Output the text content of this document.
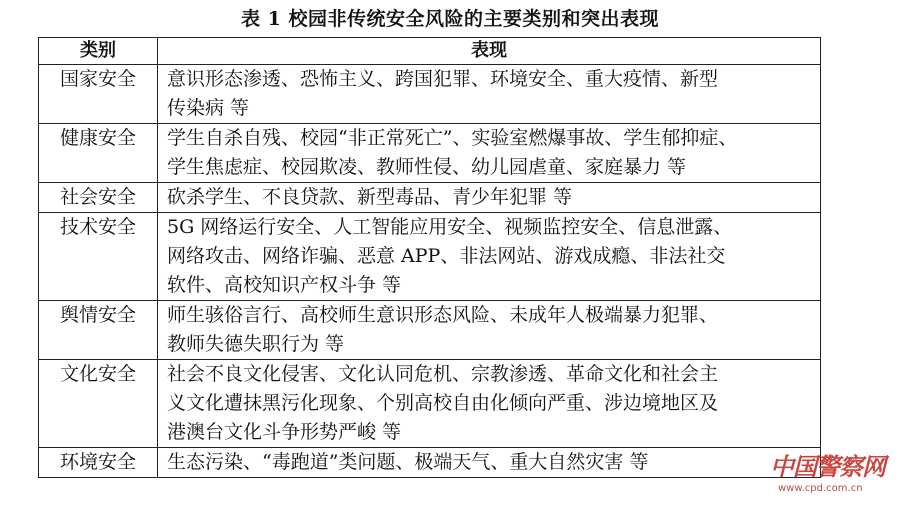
表 1 校园非传统安全风险的主要类别和突出表现
类别	表现
国家安全	意识形态渗透、恐怖主义、跨国犯罪、环境安全、重大疫情、新型
传染病 等

健康安全	学生自杀自残、校园“非正常死亡”、实验室燃爆事故、学生郁抑症、
学生焦虑症、校园欺凌、教师性侵、幼儿园虐童、家庭暴力 等

社会安全	砍杀学生、不良贷款、新型毒品、青少年犯罪 等

技术安全	5G 网络运行安全、人工智能应用安全、视频监控安全、信息泄露、
网络攻击、网络诈骗、恶意 APP、非法网站、游戏成瘾、非法社交
软件、高校知识产权斗争 等

舆情安全	师生骇俗言行、高校师生意识形态风险、未成年人极端暴力犯罪、
教师失德失职行为 等

文化安全	社会不良文化侵害、文化认同危机、宗教渗透、革命文化和社会主
义文化遭抹黑污化现象、个别高校自由化倾向严重、涉边境地区及
港澳台文化斗争形势严峻 等

环境安全	生态污染、“毒跑道”类问题、极端天气、重大自然灾害 等	中国警察网
www.cpd.com.cn
